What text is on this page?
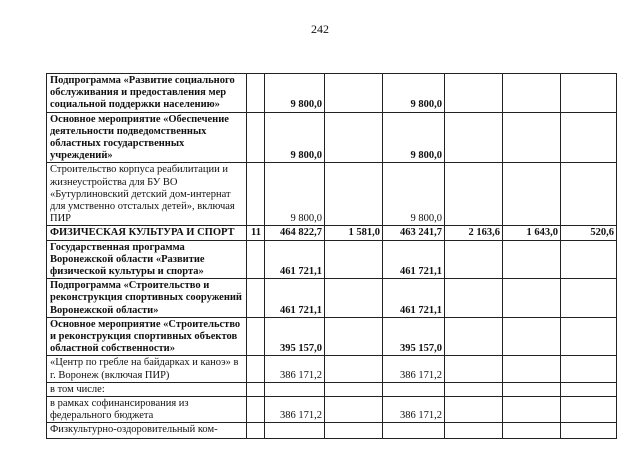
242
Подпрограмма «Развитие социального обслуживания и предоставления мер социальной поддержки населению»		9 800,0		9 800,0			
Основное мероприятие «Обеспечение деятельности подведомственных областных государственных учреждений»		9 800,0		9 800,0			
Строительство корпуса реабилитации и жизнеустройства для БУ ВО «Бутурлиновский детский дом-интернат для умственно отсталых детей», включая ПИР		9 800,0		9 800,0			
ФИЗИЧЕСКАЯ КУЛЬТУРА И СПОРТ	11	464 822,7	1 581,0	463 241,7	2 163,6	1 643,0	520,6
Государственная программа Воронежской области «Развитие физической культуры и спорта»		461 721,1		461 721,1			
Подпрограмма «Строительство и реконструкция спортивных сооружений Воронежской области»		461 721,1		461 721,1			
Основное мероприятие «Строительство и реконструкция спортивных объектов областной собственности»		395 157,0		395 157,0			
«Центр по гребле на байдарках и каноэ» в г. Воронеж (включая ПИР)		386 171,2		386 171,2			
в том числе:							
в рамках софинансирования из федерального бюджета		386 171,2		386 171,2			
Физкультурно-оздоровительный ком-							
